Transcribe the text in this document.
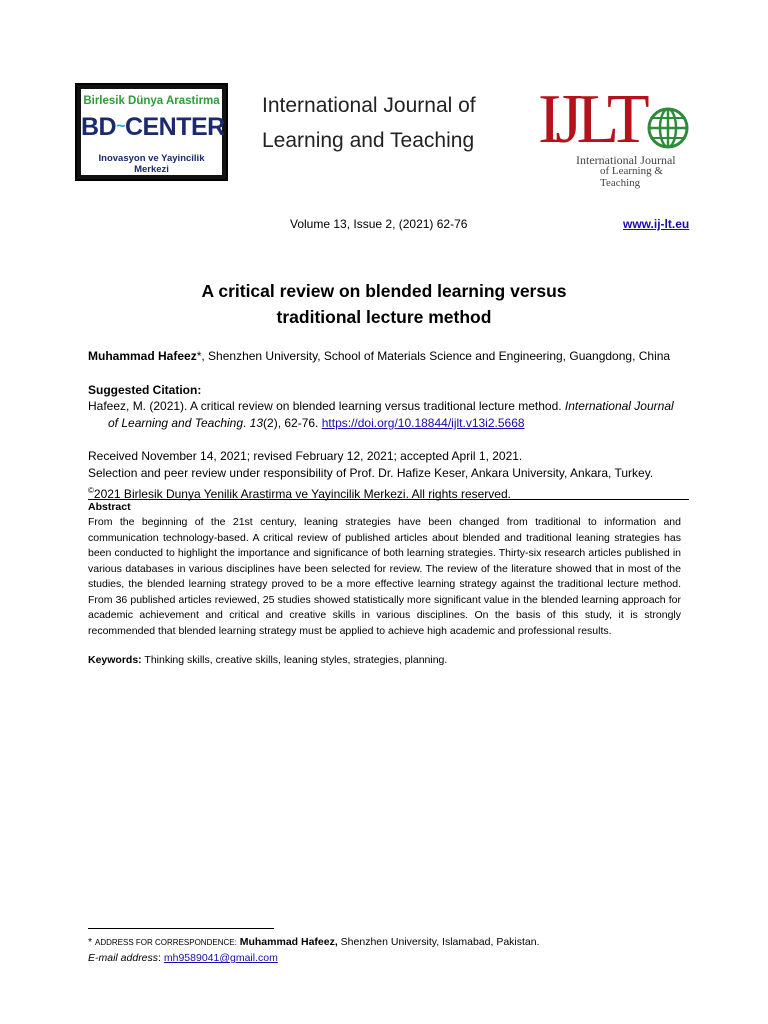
Birlesik Dünya Arastirma
BD~CENTER
Inovasyon ve Yayincilik Merkezi
International Journal of
Learning and Teaching IJLT
International Journal
of Learning & Teaching
Volume 13, Issue 2, (2021) 62-76	www.ij-lt.eu
A critical review on blended learning versus
traditional lecture method
Muhammad Hafeez*, Shenzhen University, School of Materials Science and Engineering, Guangdong, China
Suggested Citation:
Hafeez, M. (2021). A critical review on blended learning versus traditional lecture method. International Journal
of Learning and Teaching. 13(2), 62-76. https://doi.org/10.18844/ijlt.v13i2.5668
Received November 14, 2021; revised February 12, 2021; accepted April 1, 2021.
Selection and peer review under responsibility of Prof. Dr. Hafize Keser, Ankara University, Ankara, Turkey.
©2021 Birlesik Dunya Yenilik Arastirma ve Yayincilik Merkezi. All rights reserved.
Abstract
From the beginning of the 21st century, leaning strategies have been changed from traditional to information and communication technology-based. A critical review of published articles about blended and traditional leaning strategies has been conducted to highlight the importance and significance of both learning strategies. Thirty-six research articles published in various databases in various disciplines have been selected for review. The review of the literature showed that in most of the studies, the blended learning strategy proved to be a more effective learning strategy against the traditional lecture method. From 36 published articles reviewed, 25 studies showed statistically more significant value in the blended learning approach for academic achievement and critical and creative skills in various disciplines. On the basis of this study, it is strongly recommended that blended learning strategy must be applied to achieve high academic and professional results.
Keywords: Thinking skills, creative skills, leaning styles, strategies, planning.
* ADDRESS FOR CORRESPONDENCE: Muhammad Hafeez, Shenzhen University, Islamabad, Pakistan.
E-mail address: mh9589041@gmail.com
